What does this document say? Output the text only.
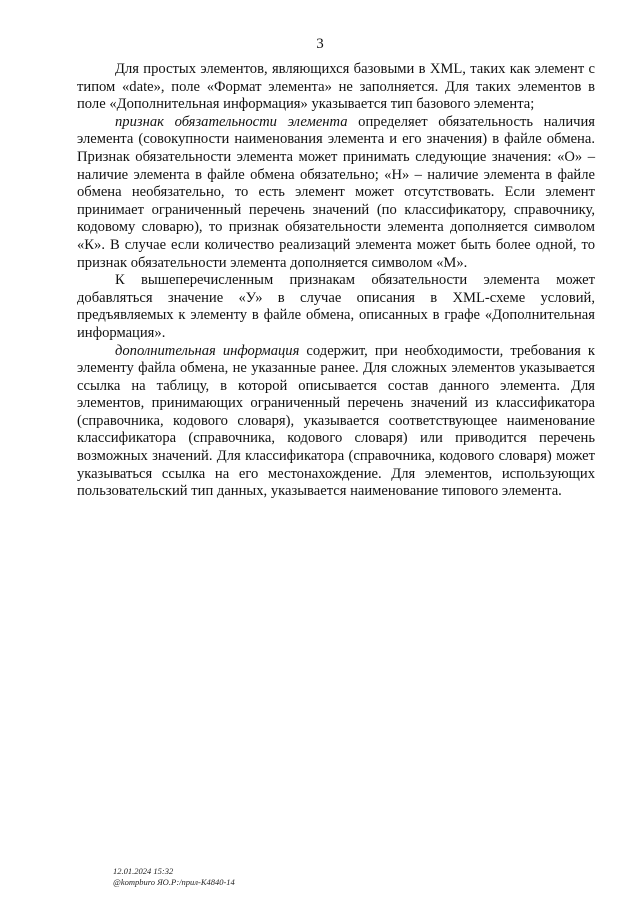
3

Для простых элементов, являющихся базовыми в XML, таких как элемент с типом «date», поле «Формат элемента» не заполняется. Для таких элементов в поле «Дополнительная информация» указывается тип базового элемента;

признак обязательности элемента определяет обязательность наличия элемента (совокупности наименования элемента и его значения) в файле обмена. Признак обязательности элемента может принимать следующие значения: «О» – наличие элемента в файле обмена обязательно; «Н» – наличие элемента в файле обмена необязательно, то есть элемент может отсутствовать. Если элемент принимает ограниченный перечень значений (по классификатору, справочнику, кодовому словарю), то признак обязательности элемента дополняется символом «К». В случае если количество реализаций элемента может быть более одной, то признак обязательности элемента дополняется символом «М».

К вышеперечисленным признакам обязательности элемента может добавляться значение «У» в случае описания в XML-схеме условий, предъявляемых к элементу в файле обмена, описанных в графе «Дополнительная информация».

дополнительная информация содержит, при необходимости, требования к элементу файла обмена, не указанные ранее. Для сложных элементов указывается ссылка на таблицу, в которой описывается состав данного элемента. Для элементов, принимающих ограниченный перечень значений из классификатора (справочника, кодового словаря), указывается соответствующее наименование классификатора (справочника, кодового словаря) или приводится перечень возможных значений. Для классификатора (справочника, кодового словаря) может указываться ссылка на его местонахождение. Для элементов, использующих пользовательский тип данных, указывается наименование типового элемента.

12.01.2024 15:32
@kompburo ЯО.Р:/прил-К4840-14
